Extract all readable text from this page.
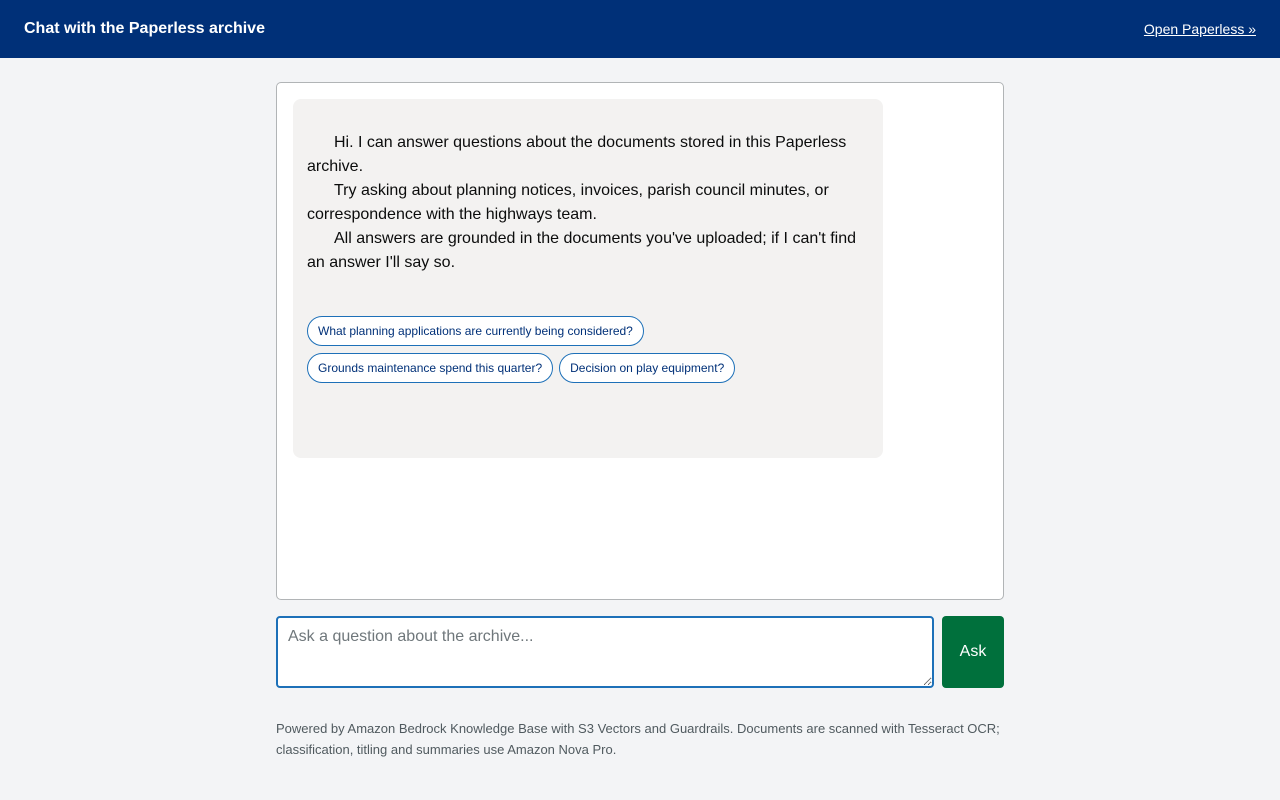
Chat with the Paperless archive	Open Paperless »

Hi. I can answer questions about the documents stored in this Paperless archive.

Try asking about planning notices, invoices, parish council minutes, or correspondence with the highways team.

All answers are grounded in the documents you've uploaded; if I can't find an answer I'll say so.

What planning applications are currently being considered?
Grounds maintenance spend this quarter?	Decision on play equipment?
Ask a question about the archive...
Ask

Powered by Amazon Bedrock Knowledge Base with S3 Vectors and Guardrails. Documents are scanned with Tesseract OCR; classification, titling and summaries use Amazon Nova Pro.
